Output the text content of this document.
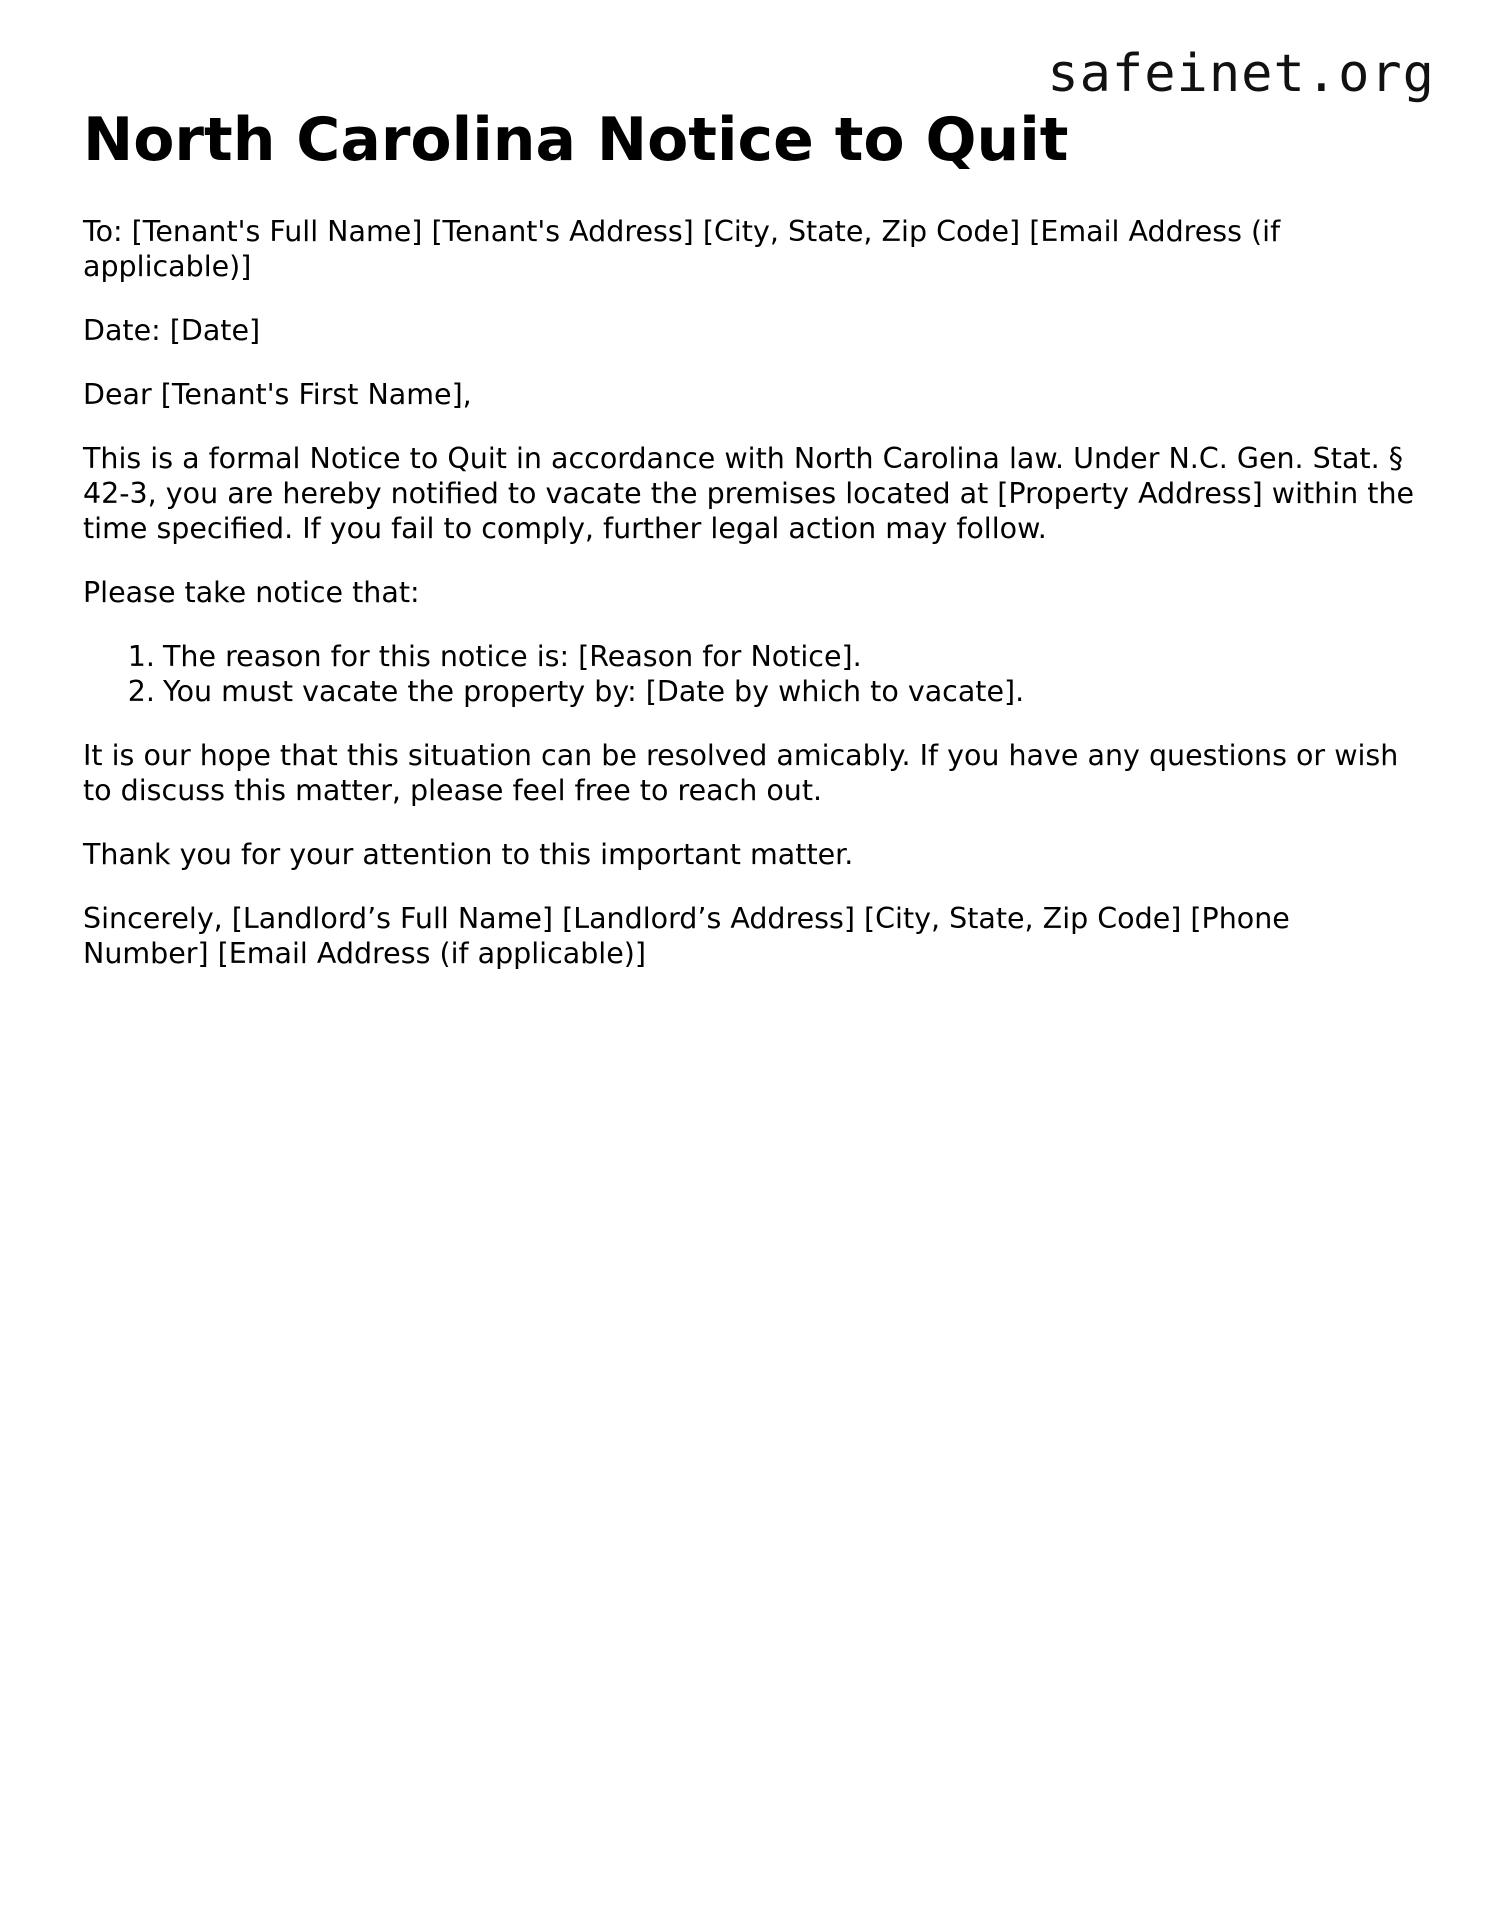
safeinet.org
North Carolina Notice to Quit

To: [Tenant's Full Name] [Tenant's Address] [City, State, Zip Code] [Email Address (if applicable)]

Date: [Date]

Dear [Tenant's First Name],

This is a formal Notice to Quit in accordance with North Carolina law. Under N.C. Gen. Stat. § 42-3, you are hereby notified to vacate the premises located at [Property Address] within the time specified. If you fail to comply, further legal action may follow.

Please take notice that:

1. The reason for this notice is: [Reason for Notice].
2. You must vacate the property by: [Date by which to vacate].

It is our hope that this situation can be resolved amicably. If you have any questions or wish to discuss this matter, please feel free to reach out.

Thank you for your attention to this important matter.

Sincerely, [Landlord’s Full Name] [Landlord’s Address] [City, State, Zip Code] [Phone Number] [Email Address (if applicable)]
